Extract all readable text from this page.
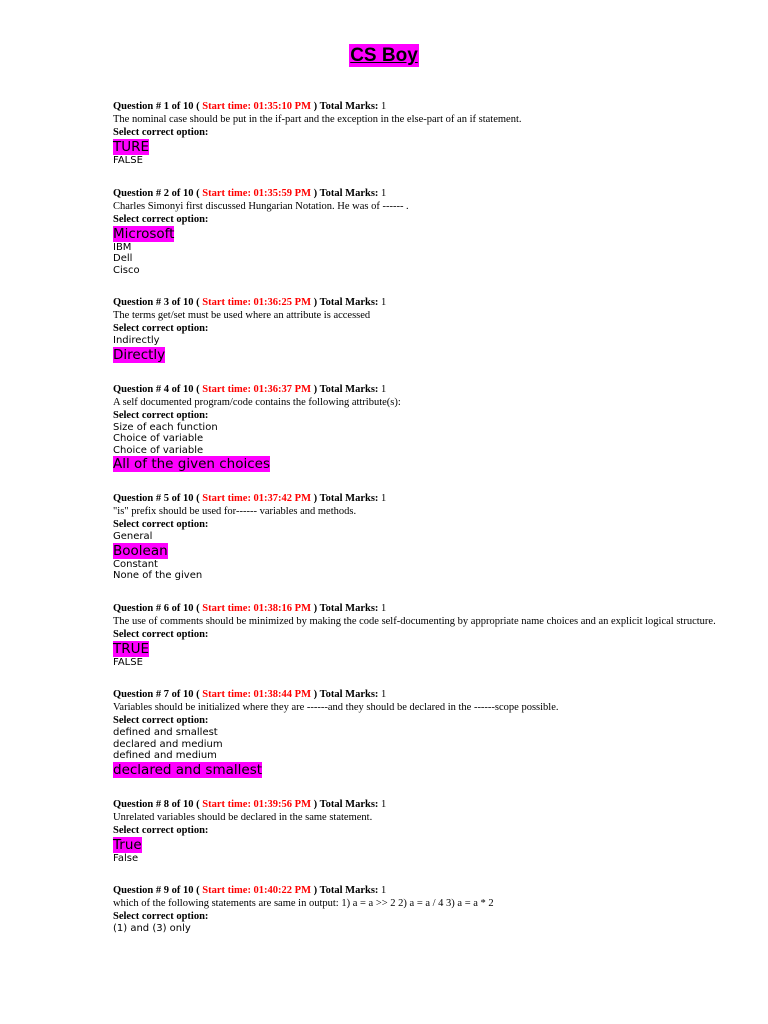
CS Boy
Question # 1 of 10 ( Start time: 01:35:10 PM ) Total Marks: 1
The nominal case should be put in the if-part and the exception in the else-part of an if statement.
Select correct option:
TURE
FALSE
Question # 2 of 10 ( Start time: 01:35:59 PM ) Total Marks: 1
Charles Simonyi first discussed Hungarian Notation. He was of ------ .
Select correct option:
Microsoft
IBM
Dell
Cisco
Question # 3 of 10 ( Start time: 01:36:25 PM ) Total Marks: 1
The terms get/set must be used where an attribute is accessed
Select correct option:
Indirectly
Directly
Question # 4 of 10 ( Start time: 01:36:37 PM ) Total Marks: 1
A self documented program/code contains the following attribute(s):
Select correct option:
Size of each function
Choice of variable
Choice of variable
All of the given choices
Question # 5 of 10 ( Start time: 01:37:42 PM ) Total Marks: 1
"is" prefix should be used for------ variables and methods.
Select correct option:
General
Boolean
Constant
None of the given
Question # 6 of 10 ( Start time: 01:38:16 PM ) Total Marks: 1
The use of comments should be minimized by making the code self-documenting by appropriate name choices and an explicit logical structure.
Select correct option:
TRUE
FALSE
Question # 7 of 10 ( Start time: 01:38:44 PM ) Total Marks: 1
Variables should be initialized where they are ------and they should be declared in the ------scope possible.
Select correct option:
defined and smallest
declared and medium
defined and medium
declared and smallest
Question # 8 of 10 ( Start time: 01:39:56 PM ) Total Marks: 1
Unrelated variables should be declared in the same statement.
Select correct option:
True
False
Question # 9 of 10 ( Start time: 01:40:22 PM ) Total Marks: 1
which of the following statements are same in output: 1) a = a >> 2 2) a = a / 4 3) a = a * 2
Select correct option:
(1) and (3) only
